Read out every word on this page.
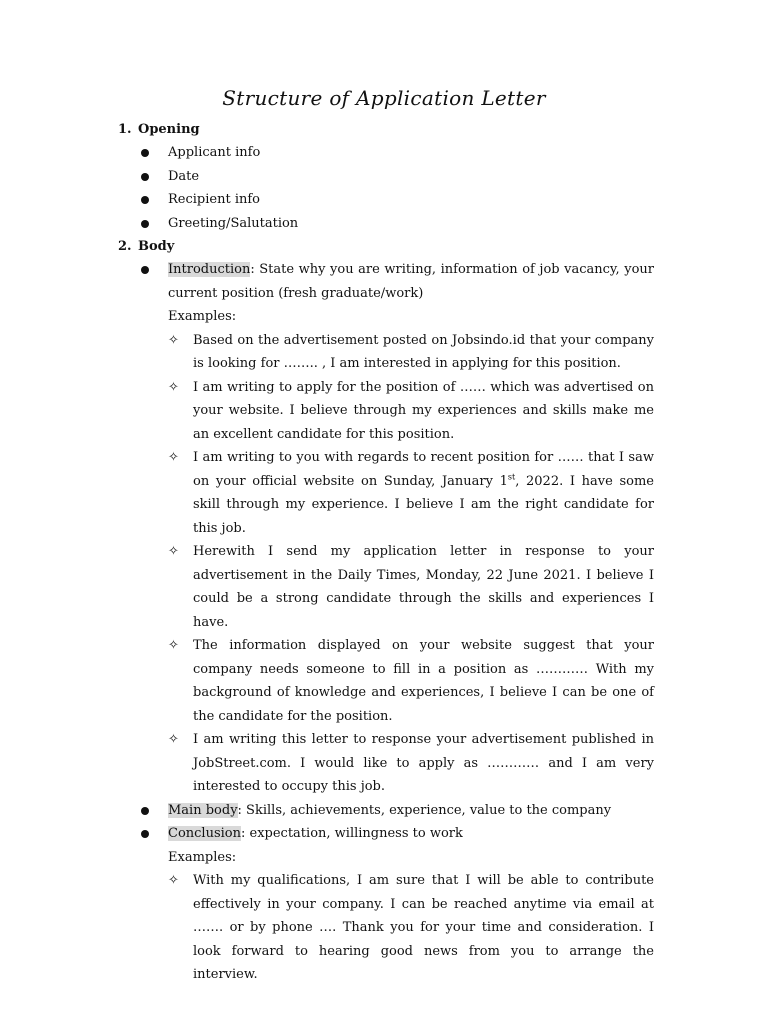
Structure of Application Letter
1. Opening
Applicant info
Date
Recipient info
Greeting/Salutation
2. Body
Introduction: State why you are writing, information of job vacancy, your current position (fresh graduate/work)
Examples:
✧ Based on the advertisement posted on Jobsindo.id that your company is looking for …….. , I am interested in applying for this position.
✧ I am writing to apply for the position of …… which was advertised on your website. I believe through my experiences and skills make me an excellent candidate for this position.
✧ I am writing to you with regards to recent position for …… that I saw on your official website on Sunday, January 1st, 2022. I have some skill through my experience. I believe I am the right candidate for this job.
✧ Herewith I send my application letter in response to your advertisement in the Daily Times, Monday, 22 June 2021. I believe I could be a strong candidate through the skills and experiences I have.
✧ The information displayed on your website suggest that your company needs someone to fill in a position as ………… With my background of knowledge and experiences, I believe I can be one of the candidate for the position.
✧ I am writing this letter to response your advertisement published in JobStreet.com. I would like to apply as ………… and I am very interested to occupy this job.
Main body: Skills, achievements, experience, value to the company
Conclusion: expectation, willingness to work
Examples:
✧ With my qualifications, I am sure that I will be able to contribute effectively in your company. I can be reached anytime via email at ……. or by phone …. Thank you for your time and consideration. I look forward to hearing good news from you to arrange the interview.
